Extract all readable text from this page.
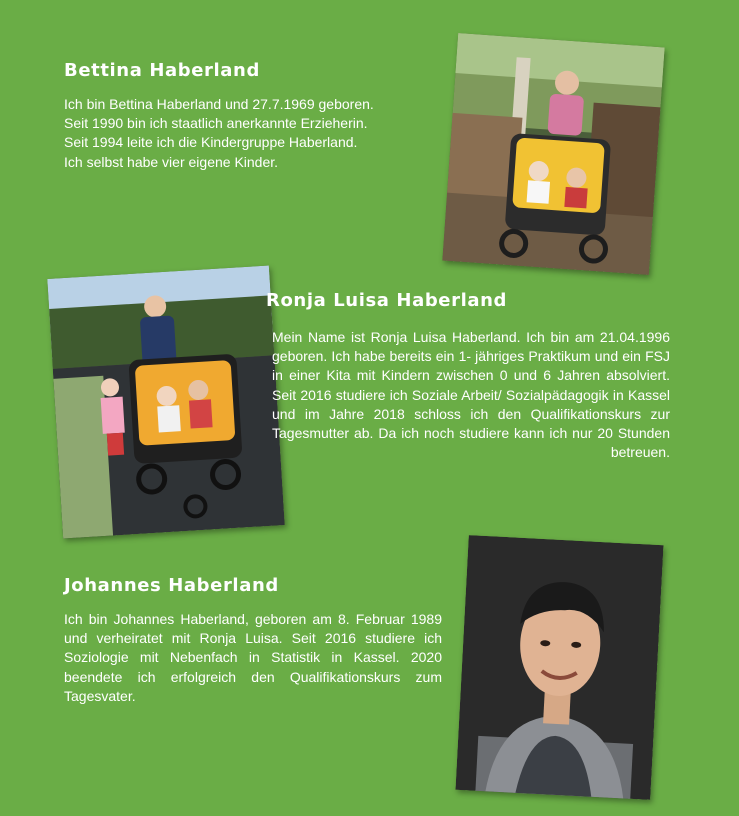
Bettina Haberland
Ich bin Bettina Haberland und 27.7.1969 geboren.
Seit 1990 bin ich staatlich anerkannte Erzieherin.
Seit 1994 leite ich die Kindergruppe Haberland.
Ich selbst habe vier eigene Kinder.
Ronja Luisa Haberland

Mein Name ist Ronja Luisa Haberland. Ich bin am 21.04.1996 geboren. Ich habe bereits ein 1- jähriges Praktikum und ein FSJ in einer Kita mit Kindern zwischen 0 und 6 Jahren absolviert. Seit 2016 studiere ich Soziale Arbeit/ Sozialpädagogik in Kassel und im Jahre 2018 schloss ich den Qualifikationskurs zur Tagesmutter ab. Da ich noch studiere kann ich nur 20 Stunden betreuen.

Johannes Haberland

Ich bin Johannes Haberland, geboren am 8. Februar 1989 und verheiratet mit Ronja Luisa. Seit 2016 studiere ich Soziologie mit Nebenfach in Statistik in Kassel. 2020 beendete ich erfolgreich den Qualifikationskurs zum Tagesvater.
